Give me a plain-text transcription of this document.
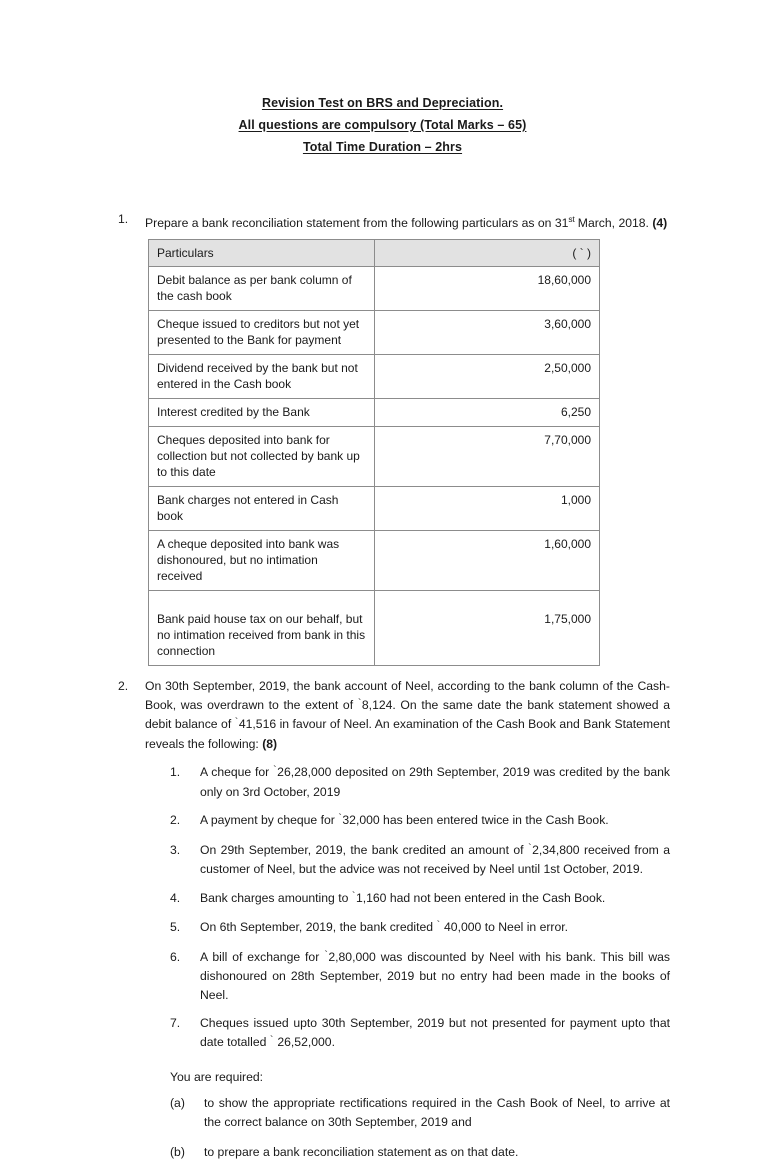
Revision Test on BRS and Depreciation.
All questions are compulsory (Total Marks – 65)
Total Time Duration – 2hrs
1.	Prepare a bank reconciliation statement from the following particulars as on 31st March, 2018. (4)
Particulars	( ` )
Debit balance as per bank column of the cash book	18,60,000
Cheque issued to creditors but not yet presented to the Bank for payment	3,60,000
Dividend received by the bank but not entered in the Cash book	2,50,000
Interest credited by the Bank	6,250
Cheques deposited into bank for collection but not collected by bank up to this date	7,70,000
Bank charges not entered in Cash book	1,000
A cheque deposited into bank was dishonoured, but no intimation received	1,60,000
Bank paid house tax on our behalf, but no intimation received from bank in this connection	1,75,000
2.	On 30th September, 2019, the bank account of Neel, according to the bank column of the Cash-Book, was overdrawn to the extent of `8,124. On the same date the bank statement showed a debit balance of `41,516 in favour of Neel. An examination of the Cash Book and Bank Statement reveals the following: (8)
1.	A cheque for `26,28,000 deposited on 29th September, 2019 was credited by the bank only on 3rd October, 2019
2.	A payment by cheque for `32,000 has been entered twice in the Cash Book.
3.	On 29th September, 2019, the bank credited an amount of `2,34,800 received from a customer of Neel, but the advice was not received by Neel until 1st October, 2019.
4.	Bank charges amounting to `1,160 had not been entered in the Cash Book.
5.	On 6th September, 2019, the bank credited ` 40,000 to Neel in error.
6.	A bill of exchange for `2,80,000 was discounted by Neel with his bank. This bill was dishonoured on 28th September, 2019 but no entry had been made in the books of Neel.
7.	Cheques issued upto 30th September, 2019 but not presented for payment upto that date totalled ` 26,52,000.
You are required:
(a)	to show the appropriate rectifications required in the Cash Book of Neel, to arrive at the correct balance on 30th September, 2019 and
(b)	to prepare a bank reconciliation statement as on that date.
